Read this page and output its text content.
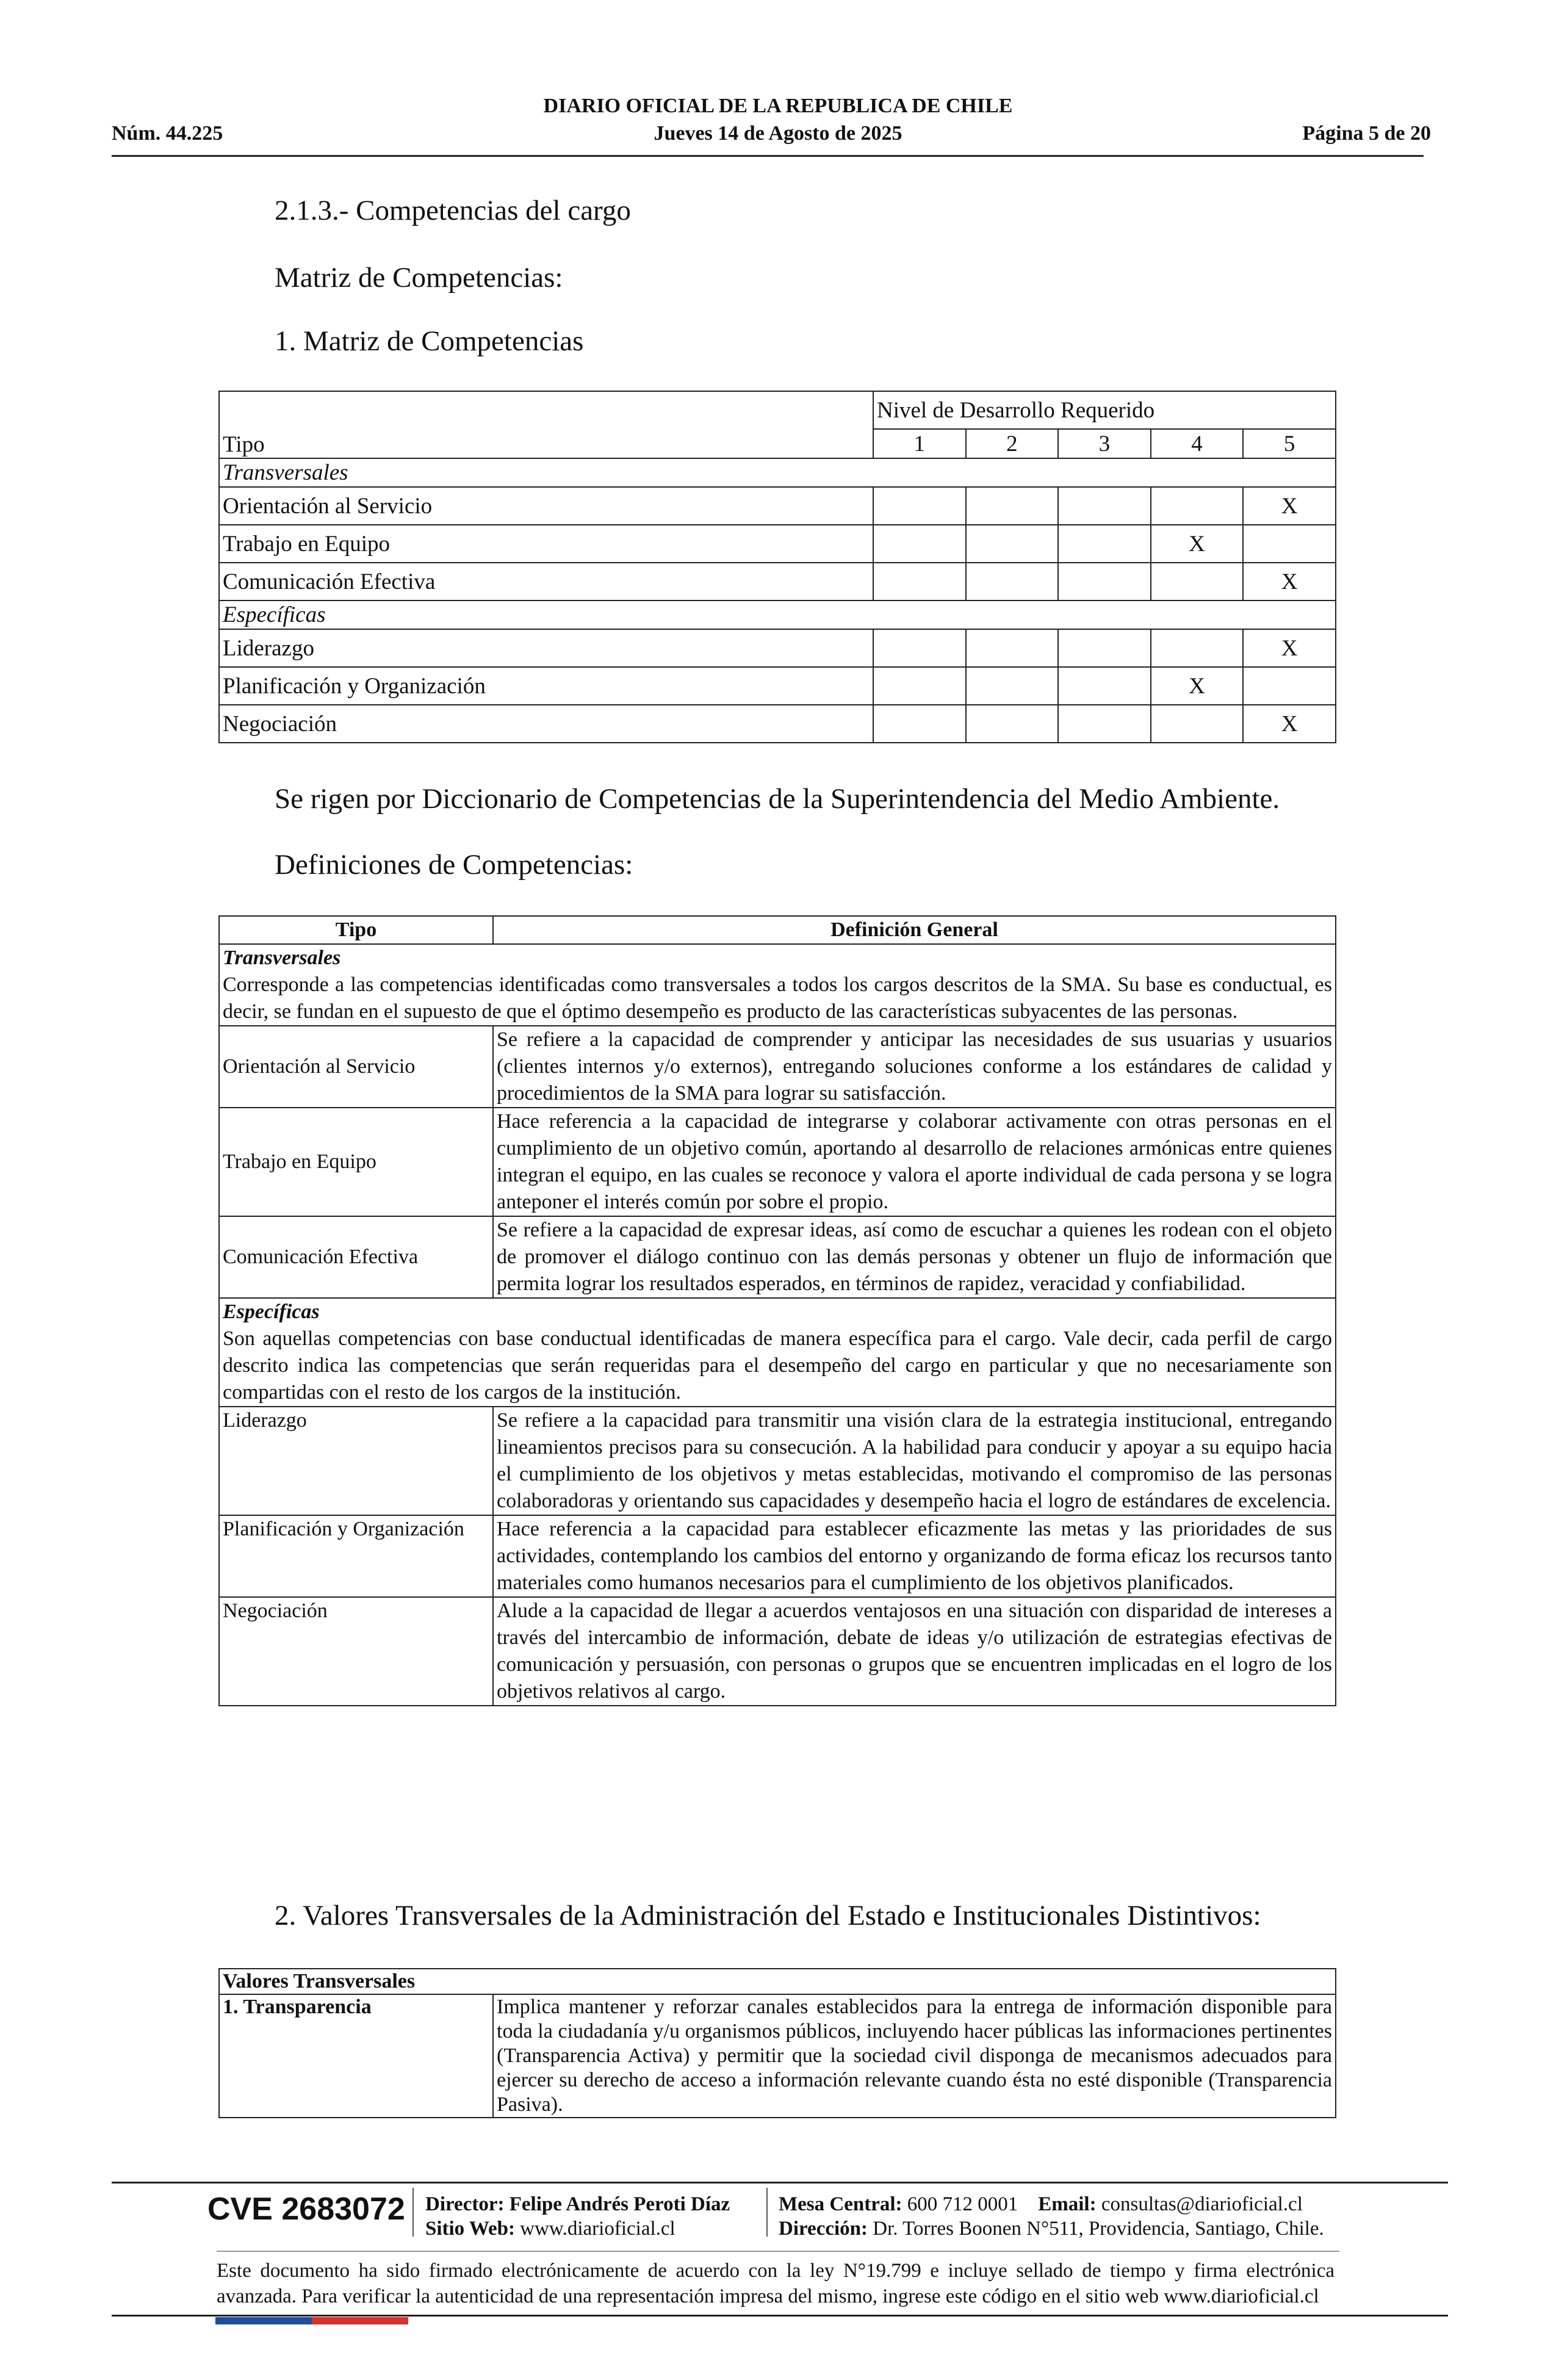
DIARIO OFICIAL DE LA REPUBLICA DE CHILE
Núm. 44.225	Jueves 14 de Agosto de 2025	Página 5 de 20
2.1.3.- Competencias del cargo
Matriz de Competencias:
1. Matriz de Competencias
Tipo	Nivel de Desarrollo Requerido				
	1	2	3	4	5
Transversales					
Orientación al Servicio					X
Trabajo en Equipo				X	
Comunicación Efectiva					X
Específicas					
Liderazgo					X
Planificación y Organización				X	
Negociación					X
Se rigen por Diccionario de Competencias de la Superintendencia del Medio Ambiente.
Definiciones de Competencias:
Tipo	Definición General
Transversales	
Corresponde a las competencias identificadas como transversales a todos los cargos descritos de la SMA. Su base es conductual, es decir, se fundan en el supuesto de que el óptimo desempeño es producto de las características subyacentes de las personas.	
Orientación al Servicio	Se refiere a la capacidad de comprender y anticipar las necesidades de sus usuarias y usuarios (clientes internos y/o externos), entregando soluciones conforme a los estándares de calidad y procedimientos de la SMA para lograr su satisfacción.
Trabajo en Equipo	Hace referencia a la capacidad de integrarse y colaborar activamente con otras personas en el cumplimiento de un objetivo común, aportando al desarrollo de relaciones armónicas entre quienes integran el equipo, en las cuales se reconoce y valora el aporte individual de cada persona y se logra anteponer el interés común por sobre el propio.
Comunicación Efectiva	Se refiere a la capacidad de expresar ideas, así como de escuchar a quienes les rodean con el objeto de promover el diálogo continuo con las demás personas y obtener un flujo de información que permita lograr los resultados esperados, en términos de rapidez, veracidad y confiabilidad.
Específicas	
Son aquellas competencias con base conductual identificadas de manera específica para el cargo. Vale decir, cada perfil de cargo descrito indica las competencias que serán requeridas para el desempeño del cargo en particular y que no necesariamente son compartidas con el resto de los cargos de la institución.	
Liderazgo	Se refiere a la capacidad para transmitir una visión clara de la estrategia institucional, entregando lineamientos precisos para su consecución. A la habilidad para conducir y apoyar a su equipo hacia el cumplimiento de los objetivos y metas establecidas, motivando el compromiso de las personas colaboradoras y orientando sus capacidades y desempeño hacia el logro de estándares de excelencia.
Planificación y Organización	Hace referencia a la capacidad para establecer eficazmente las metas y las prioridades de sus actividades, contemplando los cambios del entorno y organizando de forma eficaz los recursos tanto materiales como humanos necesarios para el cumplimiento de los objetivos planificados.
Negociación	Alude a la capacidad de llegar a acuerdos ventajosos en una situación con disparidad de intereses a través del intercambio de información, debate de ideas y/o utilización de estrategias efectivas de comunicación y persuasión, con personas o grupos que se encuentren implicadas en el logro de los objetivos relativos al cargo.
2. Valores Transversales de la Administración del Estado e Institucionales Distintivos:
Valores Transversales
1. Transparencia	Implica mantener y reforzar canales establecidos para la entrega de información disponible para toda la ciudadanía y/u organismos públicos, incluyendo hacer públicas las informaciones pertinentes (Transparencia Activa) y permitir que la sociedad civil disponga de mecanismos adecuados para ejercer su derecho de acceso a información relevante cuando ésta no esté disponible (Transparencia Pasiva).
CVE 2683072 Director: Felipe Andrés Peroti Díaz
Sitio Web: www.diarioficial.cl
Mesa Central: 600 712 0001 Email: consultas@diarioficial.cl
Dirección: Dr. Torres Boonen N°511, Providencia, Santiago, Chile.
Este documento ha sido firmado electrónicamente de acuerdo con la ley N°19.799 e incluye sellado de tiempo y firma electrónica avanzada. Para verificar la autenticidad de una representación impresa del mismo, ingrese este código en el sitio web www.diarioficial.cl
